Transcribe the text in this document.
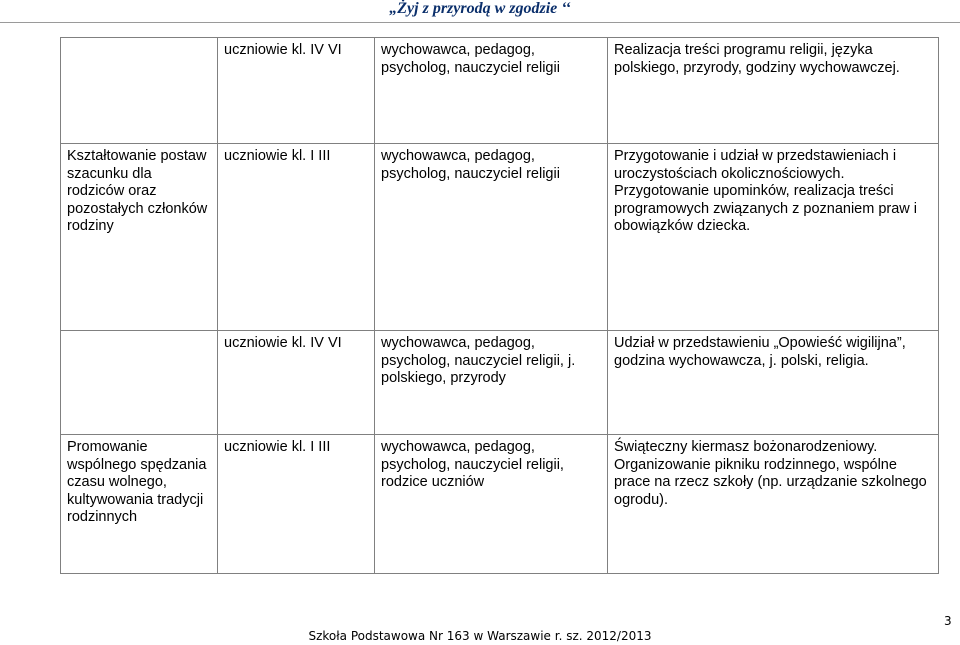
„Żyj z przyrodą w zgodzie ‘‘
	uczniowie kl. IV VI	wychowawca, pedagog, psycholog, nauczyciel religii	Realizacja treści programu religii, języka polskiego, przyrody, godziny wychowawczej.
Kształtowanie postaw szacunku dla rodziców oraz pozostałych członków rodziny	uczniowie kl. I III	wychowawca, pedagog, psycholog, nauczyciel religii	Przygotowanie i udział w przedstawieniach i uroczystościach okolicznościowych. Przygotowanie upominków, realizacja treści programowych związanych z poznaniem praw i obowiązków dziecka.
	uczniowie kl. IV VI	wychowawca, pedagog, psycholog, nauczyciel religii, j. polskiego, przyrody	Udział w przedstawieniu „Opowieść wigilijna”, godzina wychowawcza, j. polski, religia.
Promowanie wspólnego spędzania czasu wolnego, kultywowania tradycji rodzinnych	uczniowie kl. I III	wychowawca, pedagog, psycholog, nauczyciel religii, rodzice uczniów	Świąteczny kiermasz bożonarodzeniowy. Organizowanie pikniku rodzinnego, wspólne prace na rzecz szkoły (np. urządzanie szkolnego ogrodu).
3
Szkoła Podstawowa Nr 163 w Warszawie r. sz. 2012/2013
